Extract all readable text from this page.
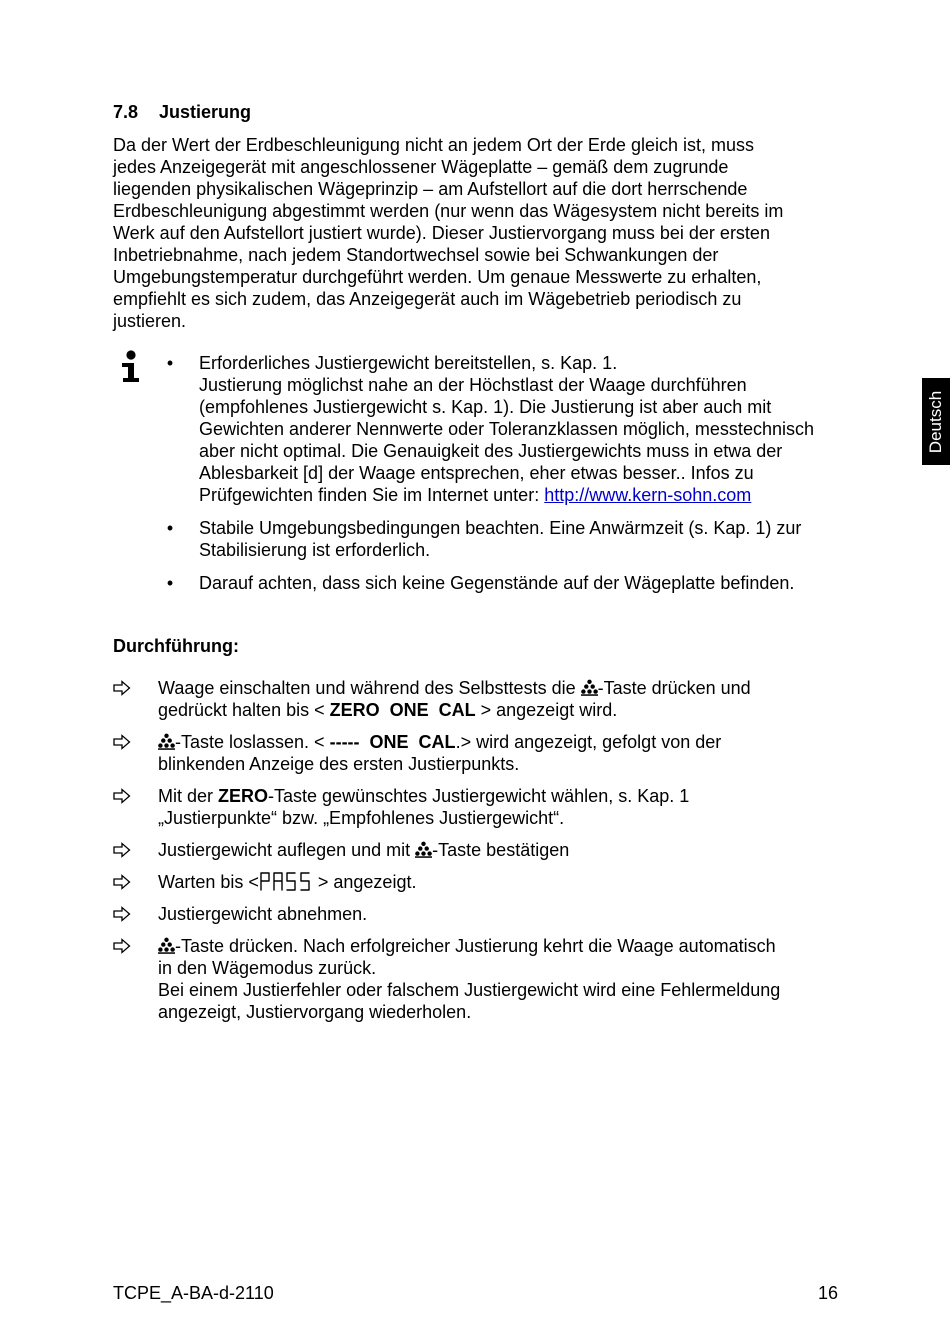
7.8 Justierung
Da der Wert der Erdbeschleunigung nicht an jedem Ort der Erde gleich ist, muss
jedes Anzeigegerät mit angeschlossener Wägeplatte – gemäß dem zugrunde
liegenden physikalischen Wägeprinzip – am Aufstellort auf die dort herrschende
Erdbeschleunigung abgestimmt werden (nur wenn das Wägesystem nicht bereits im
Werk auf den Aufstellort justiert wurde). Dieser Justiervorgang muss bei der ersten
Inbetriebnahme, nach jedem Standortwechsel sowie bei Schwankungen der
Umgebungstemperatur durchgeführt werden. Um genaue Messwerte zu erhalten,
empfiehlt es sich zudem, das Anzeigegerät auch im Wägebetrieb periodisch zu
justieren.
• Erforderliches Justiergewicht bereitstellen, s. Kap. 1.
Justierung möglichst nahe an der Höchstlast der Waage durchführen
(empfohlenes Justiergewicht s. Kap. 1). Die Justierung ist aber auch mit
Gewichten anderer Nennwerte oder Toleranzklassen möglich, messtechnisch
aber nicht optimal. Die Genauigkeit des Justiergewichts muss in etwa der
Ablesbarkeit [d] der Waage entsprechen, eher etwas besser.. Infos zu
Prüfgewichten finden Sie im Internet unter: http://www.kern-sohn.com
• Stabile Umgebungsbedingungen beachten. Eine Anwärmzeit (s. Kap. 1) zur
Stabilisierung ist erforderlich.
• Darauf achten, dass sich keine Gegenstände auf der Wägeplatte befinden.
Durchführung:
Waage einschalten und während des Selbsttests die -Taste drücken und
gedrückt halten bis < ZERO  ONE  CAL > angezeigt wird.
-Taste loslassen. < -----  ONE  CAL.> wird angezeigt, gefolgt von der
blinkenden Anzeige des ersten Justierpunkts.
Mit der ZERO-Taste gewünschtes Justiergewicht wählen, s. Kap. 1
„Justierpunkte“ bzw. „Empfohlenes Justiergewicht“.
Justiergewicht auflegen und mit -Taste bestätigen
Warten bis <	> angezeigt.
Justiergewicht abnehmen.
-Taste drücken. Nach erfolgreicher Justierung kehrt die Waage automatisch
in den Wägemodus zurück.
Bei einem Justierfehler oder falschem Justiergewicht wird eine Fehlermeldung
angezeigt, Justiervorgang wiederholen.
Deutsch
TCPE_A-BA-d-2110	16
